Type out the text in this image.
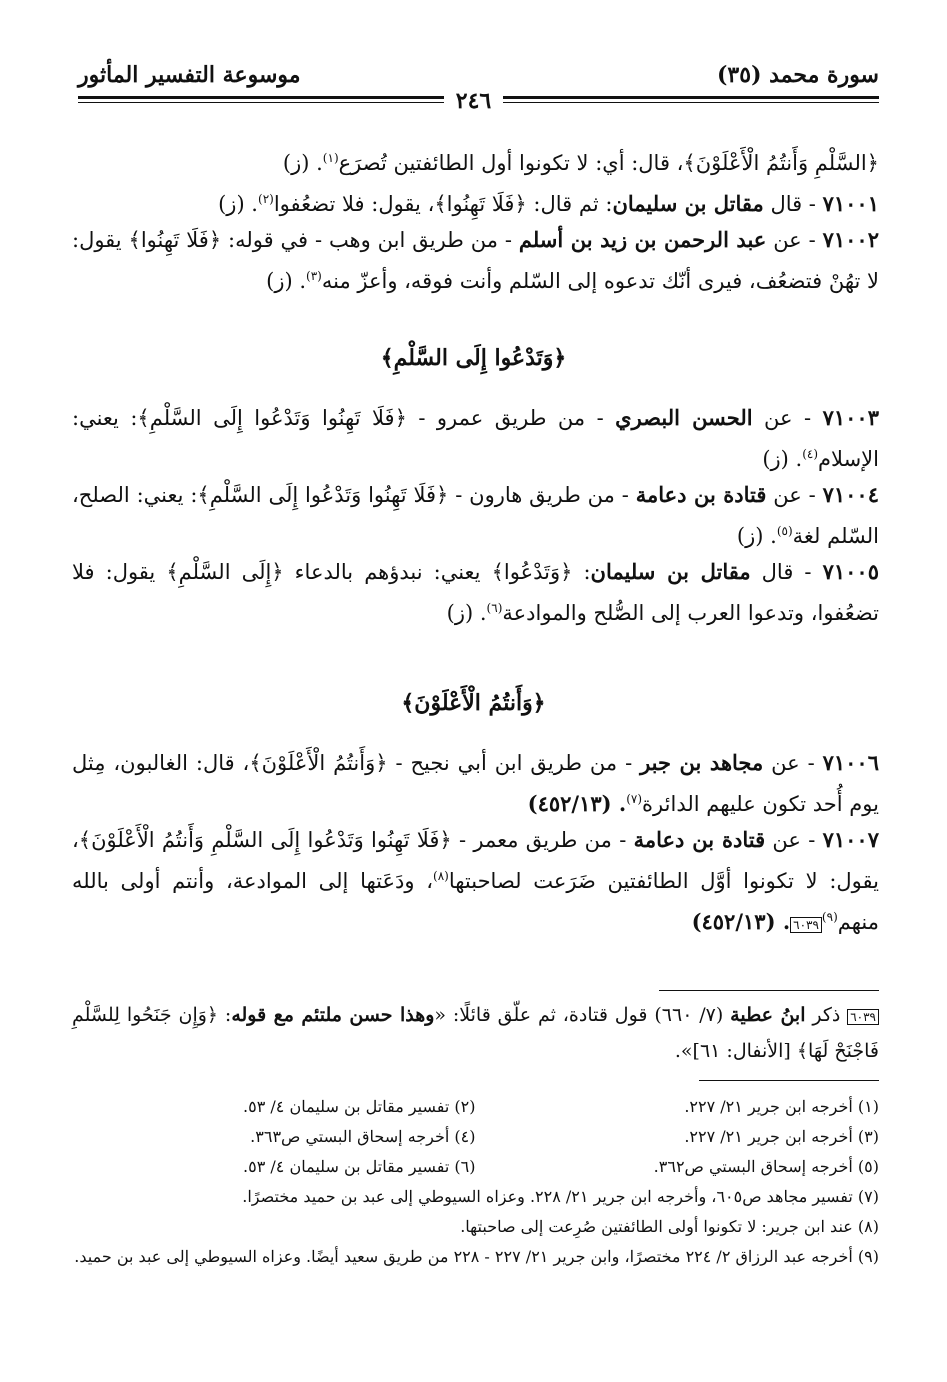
سورة محمد (٣٥)
موسوعة التفسير المأثور
٢٤٦

﴿السَّلْمِ وَأَنتُمُ الْأَعْلَوْنَ﴾، قال: أي: لا تكونوا أول الطائفتين تُصرَع$^{(١)}$. (ز)

٧١٠٠١ - قال مقاتل بن سليمان: ثم قال: ﴿فَلَا تَهِنُوا﴾، يقول: فلا تضعُفوا$^{(٢)}$. (ز)

٧١٠٠٢ - عن عبد الرحمن بن زيد بن أسلم - من طريق ابن وهب - في قوله: ﴿فَلَا تَهِنُوا﴾ يقول: لا تهُنْ فتضعُف، فيرى أنّك تدعوه إلى السّلم وأنت فوقه، وأعزّ منه$^{(٣)}$. (ز)

﴿وَتَدْعُوا إِلَى السَّلْمِ﴾

٧١٠٠٣ - عن الحسن البصري - من طريق عمرو - ﴿فَلَا تَهِنُوا وَتَدْعُوا إِلَى السَّلْمِ﴾: يعني: الإسلام$^{(٤)}$. (ز)

٧١٠٠٤ - عن قتادة بن دعامة - من طريق هارون - ﴿فَلَا تَهِنُوا وَتَدْعُوا إِلَى السَّلْمِ﴾: يعني: الصلح، السّلم لغة$^{(٥)}$. (ز)

٧١٠٠٥ - قال مقاتل بن سليمان: ﴿وَتَدْعُوا﴾ يعني: نبدؤهم بالدعاء ﴿إِلَى السَّلْمِ﴾ يقول: فلا تضعُفوا، وتدعوا العرب إلى الصُّلح والموادعة$^{(٦)}$. (ز)

﴿وَأَنتُمُ الْأَعْلَوْنَ﴾

٧١٠٠٦ - عن مجاهد بن جبر - من طريق ابن أبي نجيح - ﴿وَأَنتُمُ الْأَعْلَوْنَ﴾، قال: الغالبون، مِثل يوم أُحد تكون عليهم الدائرة$^{(٧)}$. (٤٥٢/١٣)

٧١٠٠٧ - عن قتادة بن دعامة - من طريق معمر - ﴿فَلَا تَهِنُوا وَتَدْعُوا إِلَى السَّلْمِ وَأَنتُمُ الْأَعْلَوْنَ﴾، يقول: لا تكونوا أوَّل الطائفتين ضَرَعت لصاحبتها$^{(٨)}$، ودَعَتها إلى الموادعة، وأنتم أولى بالله منهم$^{(٩)}$٦٠٣٩. (٤٥٢/١٣)

٦٠٣٩ ذكر ابنُ عطية (٧/ ٦٦٠) قول قتادة، ثم علّق قائلًا: «وهذا حسن ملتئم مع قوله: ﴿وَإِن جَنَحُوا لِلسَّلْمِ فَاجْنَحْ لَهَا﴾ [الأنفال: ٦١]».
(١) أخرجه ابن جرير ٢١/ ٢٢٧.
(٢) تفسير مقاتل بن سليمان ٤/ ٥٣.
(٣) أخرجه ابن جرير ٢١/ ٢٢٧.
(٤) أخرجه إسحاق البستي ص٣٦٣.
(٥) أخرجه إسحاق البستي ص٣٦٢.
(٦) تفسير مقاتل بن سليمان ٤/ ٥٣.
(٧) تفسير مجاهد ص٦٠٥، وأخرجه ابن جرير ٢١/ ٢٢٨. وعزاه السيوطي إلى عبد بن حميد مختصرًا.
(٨) عند ابن جرير: لا تكونوا أولى الطائفتين صُرِعت إلى صاحبتها.
(٩) أخرجه عبد الرزاق ٢/ ٢٢٤ مختصرًا، وابن جرير ٢١/ ٢٢٧ - ٢٢٨ من طريق سعيد أيضًا. وعزاه السيوطي إلى عبد بن حميد.
